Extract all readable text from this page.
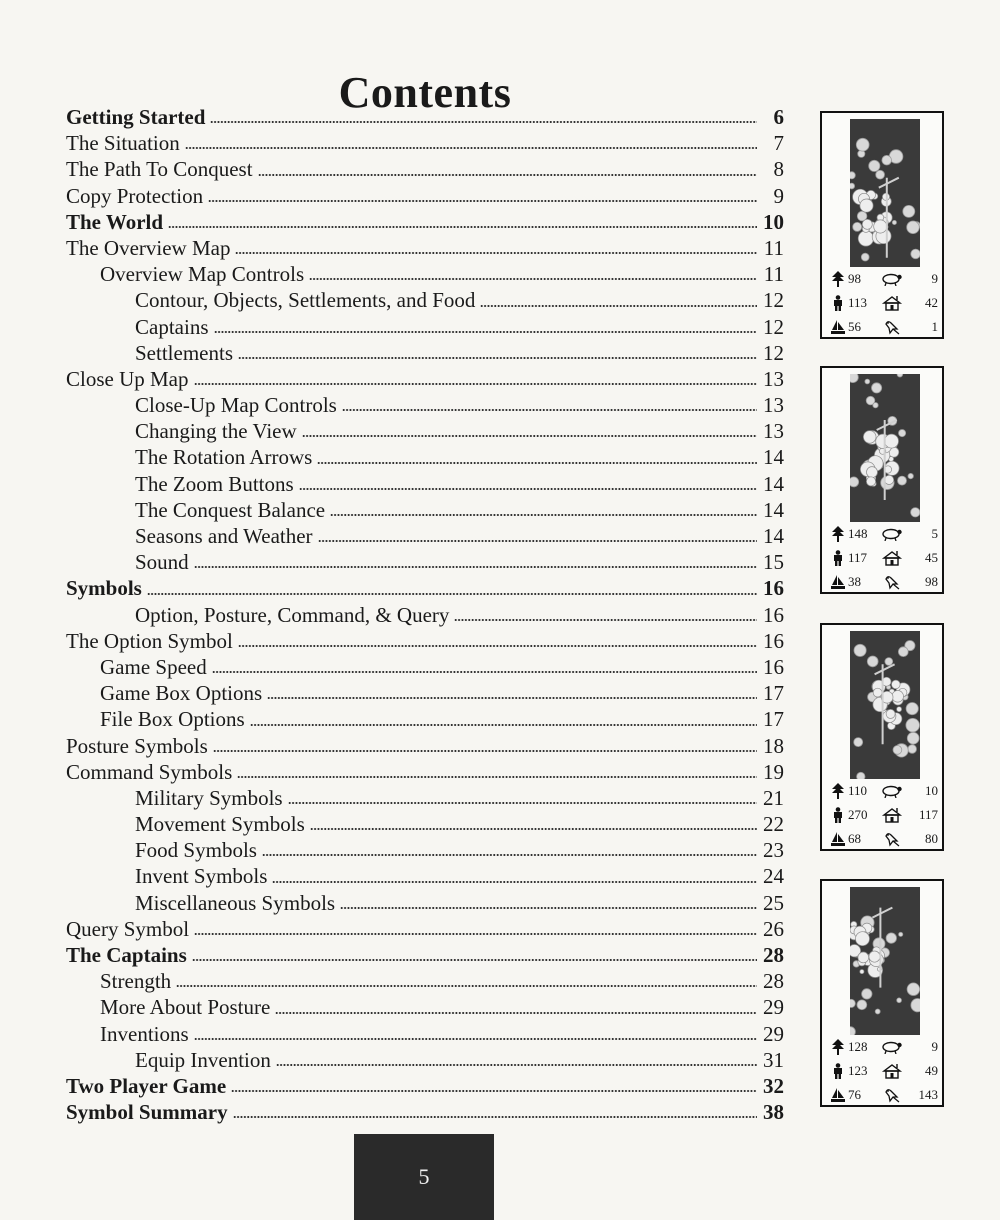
Contents
Getting Started	6
The Situation	7
The Path To Conquest	8
Copy Protection	9
The World	10
The Overview Map	11
Overview Map Controls	11
Contour, Objects, Settlements, and Food	12
Captains	12
Settlements	12
Close Up Map	13
Close-Up Map Controls	13
Changing the View	13
The Rotation Arrows	14
The Zoom Buttons	14
The Conquest Balance	14
Seasons and Weather	14
Sound	15
Symbols	16
Option, Posture, Command, & Query	16
The Option Symbol	16
Game Speed	16
Game Box Options	17
File Box Options	17
Posture Symbols	18
Command Symbols	19
Military Symbols	21
Movement Symbols	22
Food Symbols	23
Invent Symbols	24
Miscellaneous Symbols	25
Query Symbol	26
The Captains	28
Strength	28
More About Posture	29
Inventions	29
Equip Invention	31
Two Player Game	32
Symbol Summary	38
98	9
113	42
56	1
148	5
117	45
38	98
110	10
270	117
68	80
128	9
123	49
76	143
5
